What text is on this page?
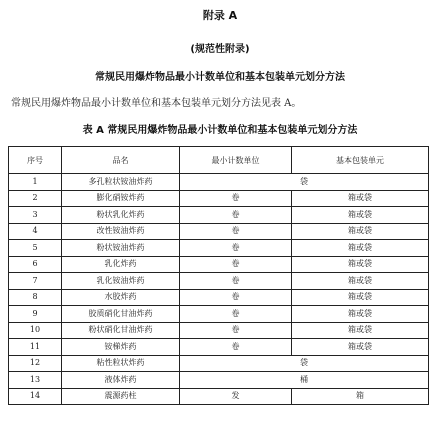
附录 A
(规范性附录)
常规民用爆炸物品最小计数单位和基本包装单元划分方法
常规民用爆炸物品最小计数单位和基本包装单元划分方法见表 A。
表 A 常规民用爆炸物品最小计数单位和基本包装单元划分方法
序号	品名	最小计数单位	基本包装单元
1	多孔粒状铵油炸药	袋	
2	膨化硝铵炸药	卷	箱或袋
3	粉状乳化炸药	卷	箱或袋
4	改性铵油炸药	卷	箱或袋
5	粉状铵油炸药	卷	箱或袋
6	乳化炸药	卷	箱或袋
7	乳化铵油炸药	卷	箱或袋
8	水胶炸药	卷	箱或袋
9	胶质硝化甘油炸药	卷	箱或袋
10	粉状硝化甘油炸药	卷	箱或袋
11	铵梯炸药	卷	箱或袋
12	粘性粒状炸药	袋	
13	液体炸药	桶	
14	震源药柱	发	箱
